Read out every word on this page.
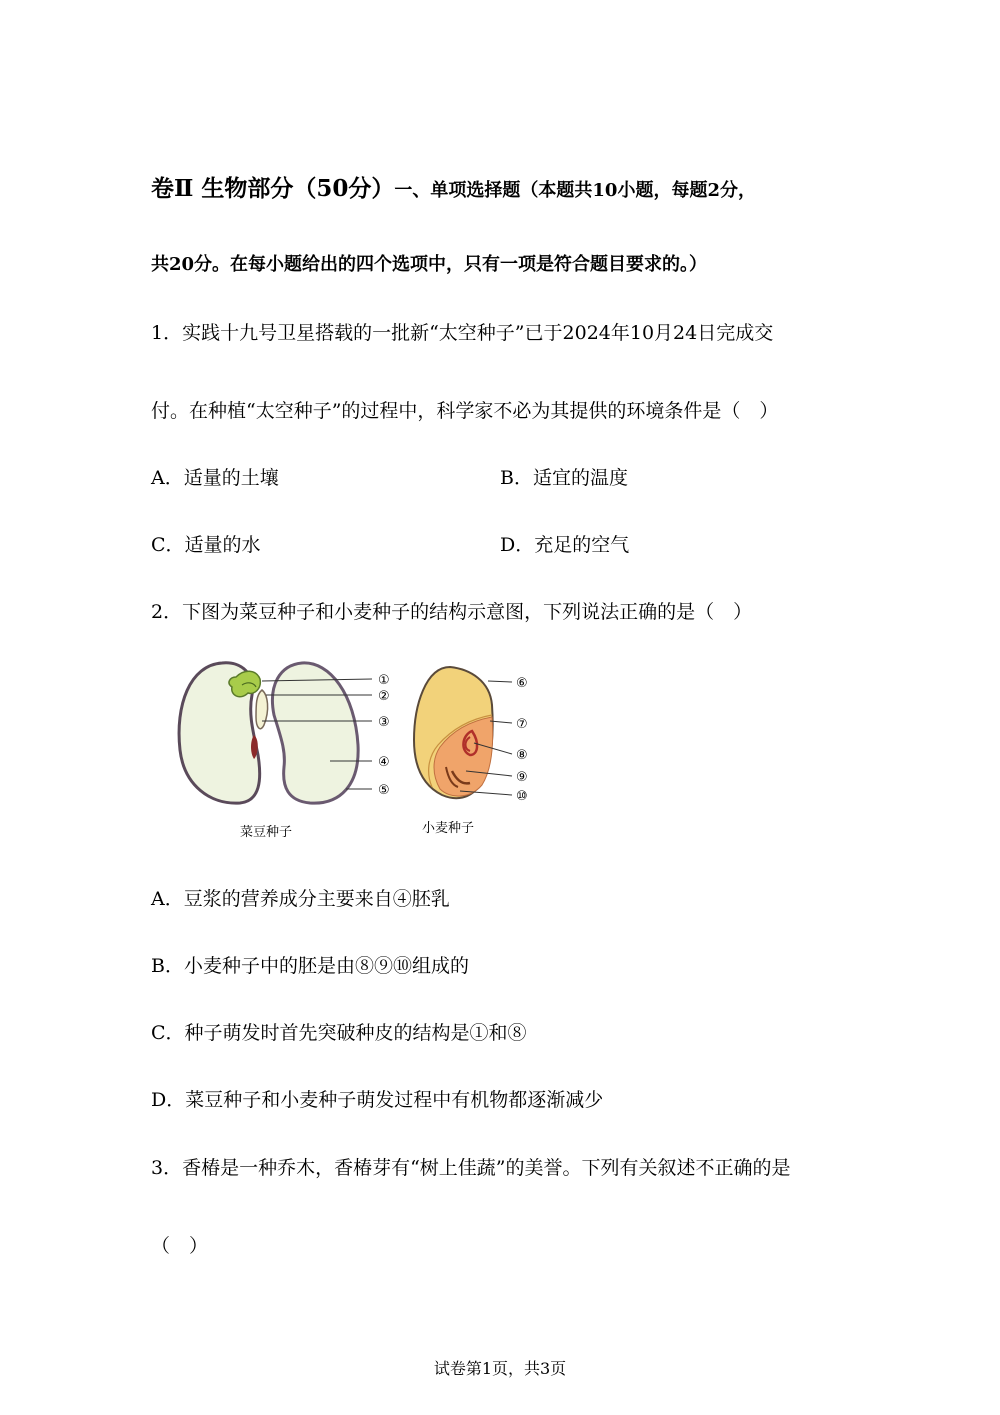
卷Ⅱ 生物部分（50分）一、单项选择题（本题共10小题，每题2分，
共20分。在每小题给出的四个选项中，只有一项是符合题目要求的。）
1．实践十九号卫星搭载的一批新“太空种子”已于2024年10月24日完成交
付。在种植“太空种子”的过程中，科学家不必为其提供的环境条件是（　）
A．适量的土壤	B．适宜的温度
C．适量的水	D．充足的空气
2．下图为菜豆种子和小麦种子的结构示意图，下列说法正确的是（　）
①
②
③
④
⑤
⑥
⑦
⑧
⑨
⑩
菜豆种子	小麦种子
A．豆浆的营养成分主要来自④胚乳
B．小麦种子中的胚是由⑧⑨⑩组成的
C．种子萌发时首先突破种皮的结构是①和⑧
D．菜豆种子和小麦种子萌发过程中有机物都逐渐减少
3．香椿是一种乔木，香椿芽有“树上佳蔬”的美誉。下列有关叙述不正确的是
（　）
试卷第1页，共3页
